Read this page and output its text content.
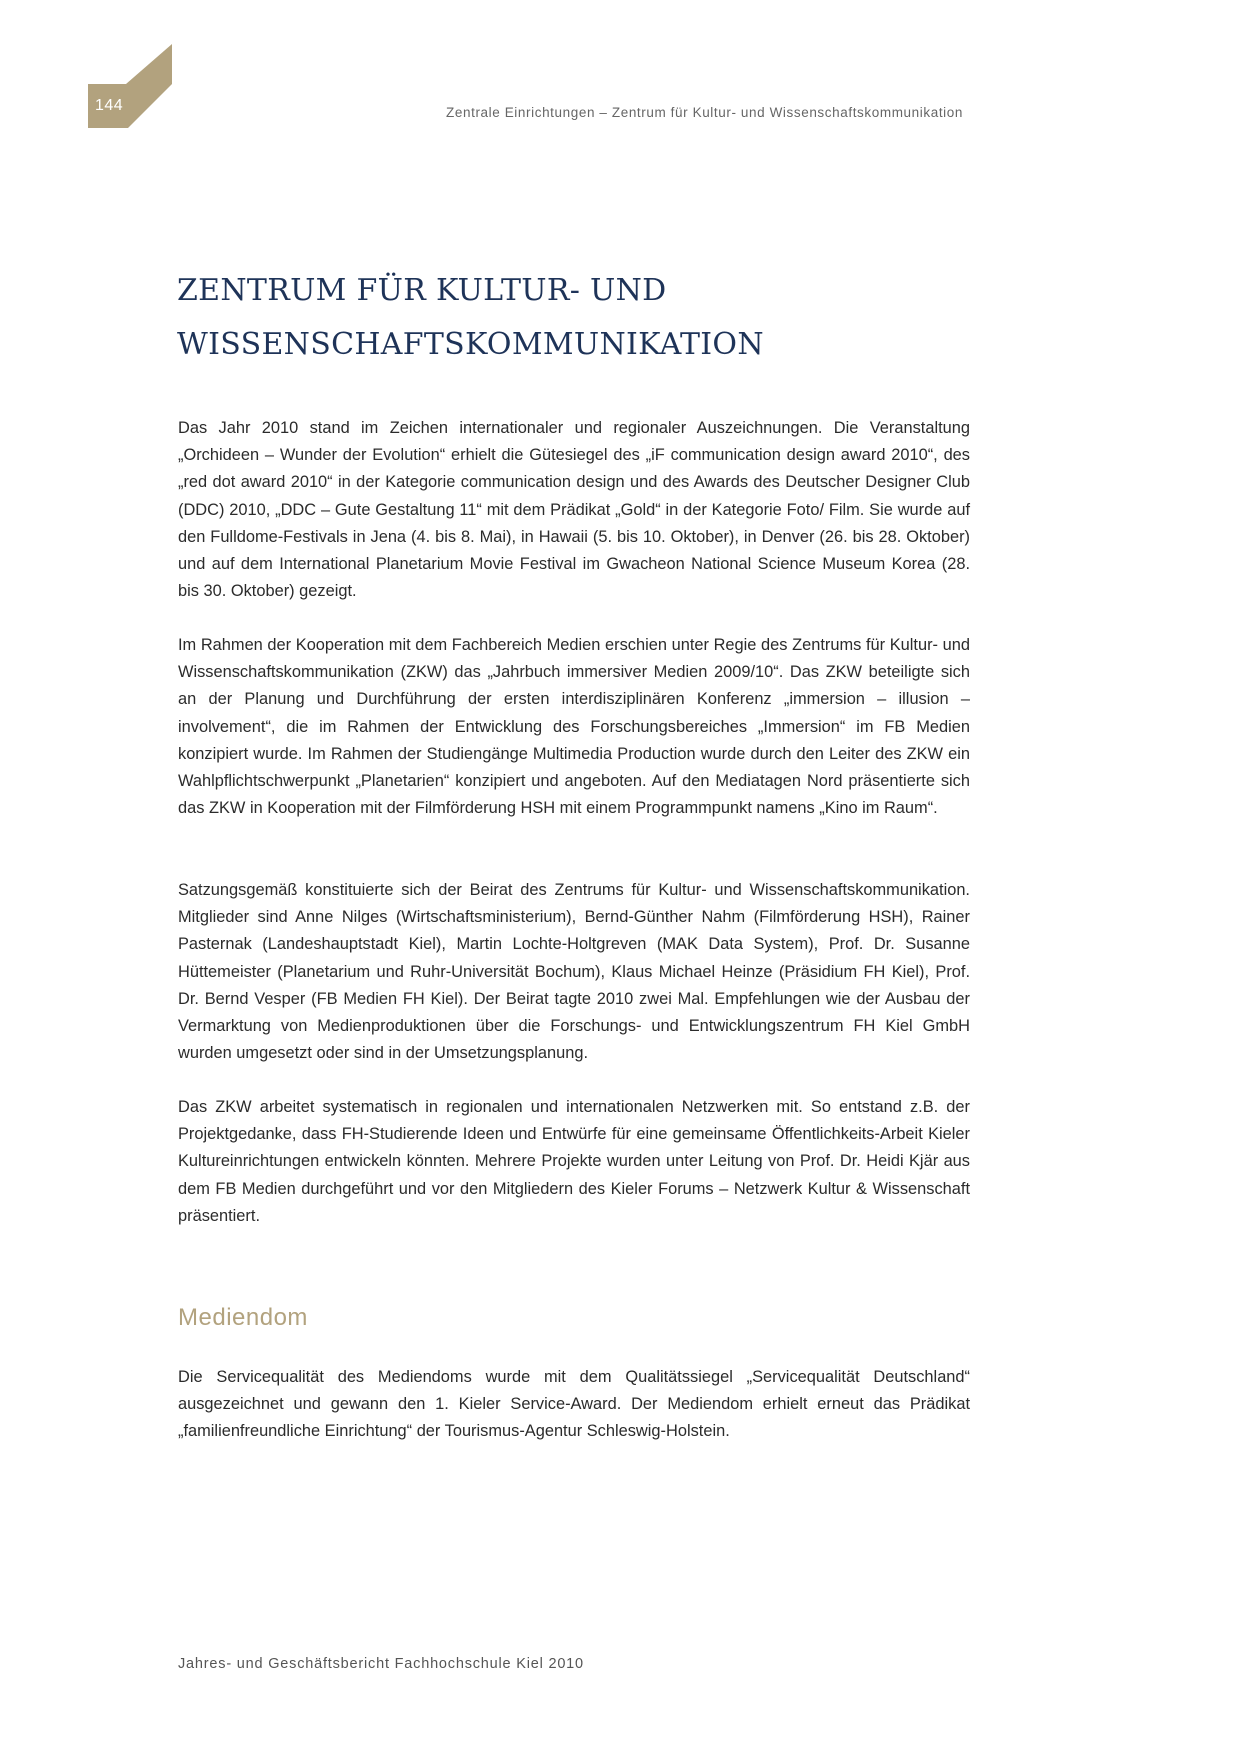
144	Zentrale Einrichtungen – Zentrum für Kultur- und Wissenschaftskommunikation
ZENTRUM FÜR KULTUR- UND
WISSENSCHAFTSKOMMUNIKATION

Das Jahr 2010 stand im Zeichen internationaler und regionaler Auszeichnungen. Die Veranstaltung „Orchideen – Wunder der Evolution“ erhielt die Gütesiegel des „iF communication design award 2010“, des „red dot award 2010“ in der Kategorie communication design und des Awards des Deutscher Designer Club (DDC) 2010, „DDC – Gute Gestaltung 11“ mit dem Prädikat „Gold“ in der Kategorie Foto/ Film. Sie wurde auf den Fulldome-Festivals in Jena (4. bis 8. Mai), in Hawaii (5. bis 10. Oktober), in Denver (26. bis 28. Oktober) und auf dem International Planetarium Movie Festival im Gwacheon National Science Museum Korea (28. bis 30. Oktober) gezeigt.

Im Rahmen der Kooperation mit dem Fachbereich Medien erschien unter Regie des Zentrums für Kultur- und Wissenschaftskommunikation (ZKW) das „Jahrbuch immersiver Medien 2009/10“. Das ZKW beteiligte sich an der Planung und Durchführung der ersten interdisziplinären Konferenz „immersion – illusion – involvement“, die im Rahmen der Entwicklung des Forschungsbereiches „Immersion“ im FB Medien konzipiert wurde. Im Rahmen der Studiengänge Multimedia Production wurde durch den Leiter des ZKW ein Wahlpflichtschwerpunkt „Planetarien“ konzipiert und angeboten. Auf den Mediatagen Nord präsentierte sich das ZKW in Kooperation mit der Filmförderung HSH mit einem Programmpunkt namens „Kino im Raum“.

Satzungsgemäß konstituierte sich der Beirat des Zentrums für Kultur- und Wissenschaftskommunikation. Mitglieder sind Anne Nilges (Wirtschaftsministerium), Bernd-Günther Nahm (Filmförderung HSH), Rainer Pasternak (Landeshauptstadt Kiel), Martin Lochte-Holtgreven (MAK Data System), Prof. Dr. Susanne Hüttemeister (Planetarium und Ruhr-Universität Bochum), Klaus Michael Heinze (Präsidium FH Kiel), Prof. Dr. Bernd Vesper (FB Medien FH Kiel). Der Beirat tagte 2010 zwei Mal. Empfehlungen wie der Ausbau der Vermarktung von Medienproduktionen über die Forschungs- und Entwicklungszentrum FH Kiel GmbH wurden umgesetzt oder sind in der Umsetzungsplanung.

Das ZKW arbeitet systematisch in regionalen und internationalen Netzwerken mit. So entstand z.B. der Projektgedanke, dass FH-Studierende Ideen und Entwürfe für eine gemeinsame Öffentlichkeits-Arbeit Kieler Kultureinrichtungen entwickeln könnten. Mehrere Projekte wurden unter Leitung von Prof. Dr. Heidi Kjär aus dem FB Medien durchgeführt und vor den Mitgliedern des Kieler Forums – Netzwerk Kultur & Wissenschaft präsentiert.

Mediendom

Die Servicequalität des Mediendoms wurde mit dem Qualitätssiegel „Servicequalität Deutschland“ ausgezeichnet und gewann den 1. Kieler Service-Award. Der Mediendom erhielt erneut das Prädikat „familienfreundliche Einrichtung“ der Tourismus-Agentur Schleswig-Holstein.

Jahres- und Geschäftsbericht Fachhochschule Kiel 2010
